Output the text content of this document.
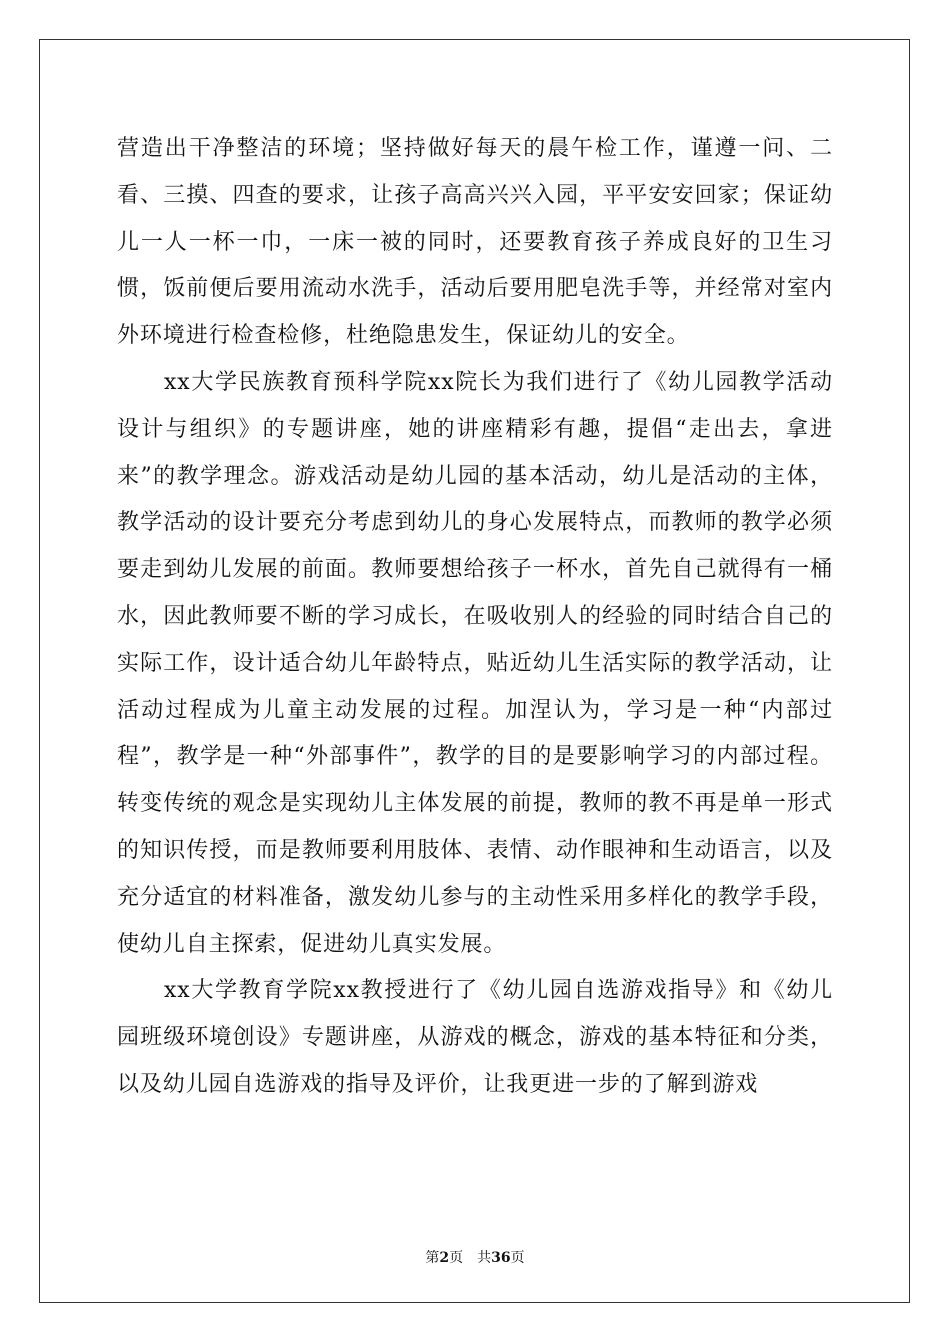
营造出干净整洁的环境；坚持做好每天的晨午检工作，谨遵一问、二看、三摸、四查的要求，让孩子高高兴兴入园，平平安安回家；保证幼儿一人一杯一巾，一床一被的同时，还要教育孩子养成良好的卫生习惯，饭前便后要用流动水洗手，活动后要用肥皂洗手等，并经常对室内外环境进行检查检修，杜绝隐患发生，保证幼儿的安全。

xx大学民族教育预科学院xx院长为我们进行了《幼儿园教学活动设计与组织》的专题讲座，她的讲座精彩有趣，提倡“走出去，拿进来”的教学理念。游戏活动是幼儿园的基本活动，幼儿是活动的主体，教学活动的设计要充分考虑到幼儿的身心发展特点，而教师的教学必须要走到幼儿发展的前面。教师要想给孩子一杯水，首先自己就得有一桶水，因此教师要不断的学习成长，在吸收别人的经验的同时结合自己的实际工作，设计适合幼儿年龄特点，贴近幼儿生活实际的教学活动，让活动过程成为儿童主动发展的过程。加涅认为，学习是一种“内部过程”，教学是一种“外部事件”，教学的目的是要影响学习的内部过程。转变传统的观念是实现幼儿主体发展的前提，教师的教不再是单一形式的知识传授，而是教师要利用肢体、表情、动作眼神和生动语言，以及充分适宜的材料准备，激发幼儿参与的主动性采用多样化的教学手段，使幼儿自主探索，促进幼儿真实发展。

xx大学教育学院xx教授进行了《幼儿园自选游戏指导》和《幼儿园班级环境创设》专题讲座，从游戏的概念，游戏的基本特征和分类，以及幼儿园自选游戏的指导及评价，让我更进一步的了解到游戏

第2页 共36页
